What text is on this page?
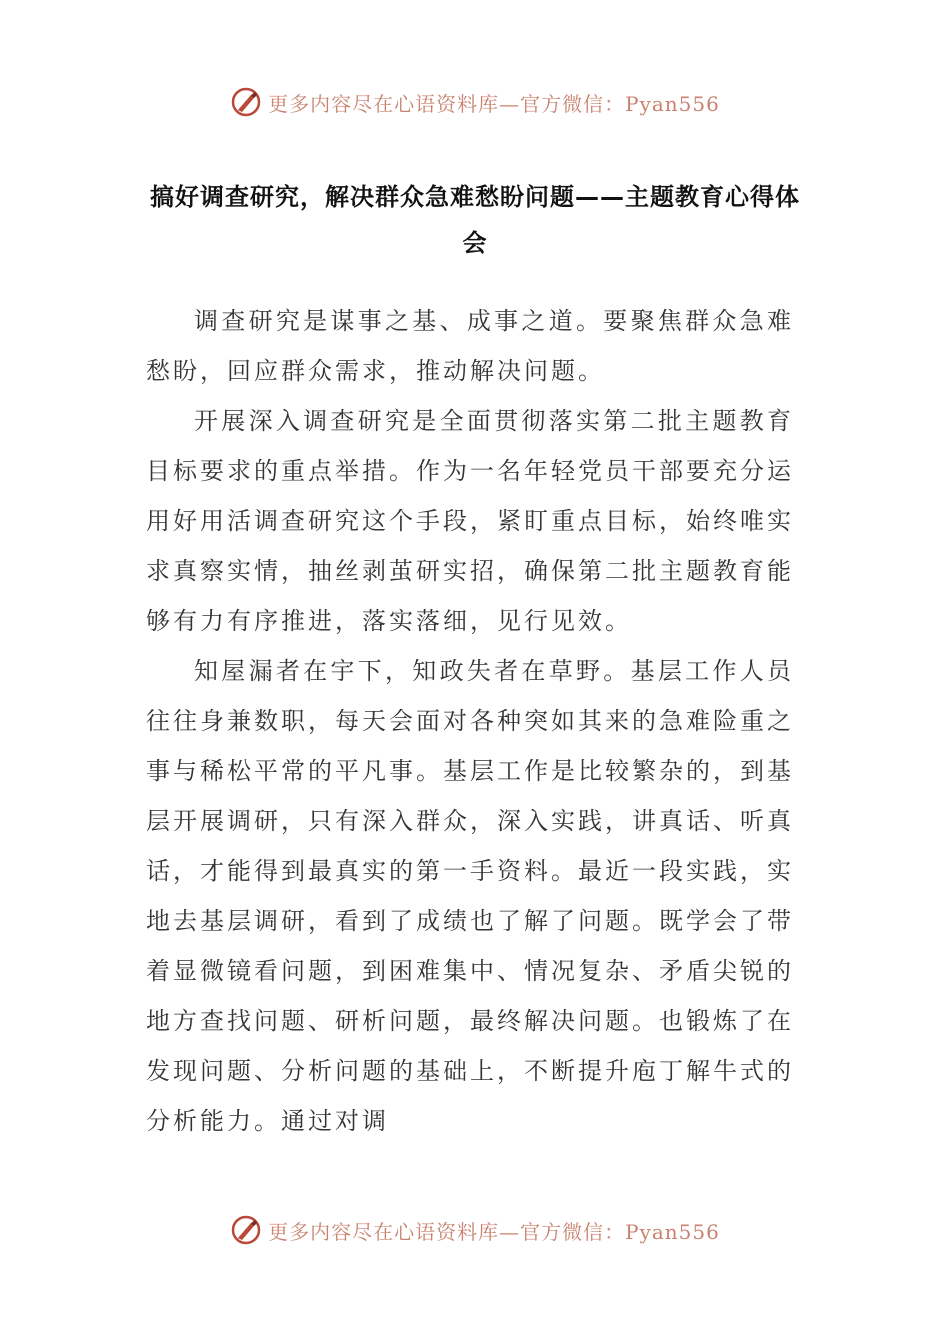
更多内容尽在心语资料库—官方微信：Pyan556
搞好调查研究，解决群众急难愁盼问题——主题教育心得体会

调查研究是谋事之基、成事之道。要聚焦群众急难愁盼，回应群众需求，推动解决问题。

开展深入调查研究是全面贯彻落实第二批主题教育目标要求的重点举措。作为一名年轻党员干部要充分运用好用活调查研究这个手段，紧盯重点目标，始终唯实求真察实情，抽丝剥茧研实招，确保第二批主题教育能够有力有序推进，落实落细，见行见效。

知屋漏者在宇下，知政失者在草野。基层工作人员往往身兼数职，每天会面对各种突如其来的急难险重之事与稀松平常的平凡事。基层工作是比较繁杂的，到基层开展调研，只有深入群众，深入实践，讲真话、听真话，才能得到最真实的第一手资料。最近一段实践，实地去基层调研，看到了成绩也了解了问题。既学会了带着显微镜看问题，到困难集中、情况复杂、矛盾尖锐的地方查找问题、研析问题，最终解决问题。也锻炼了在发现问题、分析问题的基础上，不断提升庖丁解牛式的分析能力。通过对调

更多内容尽在心语资料库—官方微信：Pyan556
